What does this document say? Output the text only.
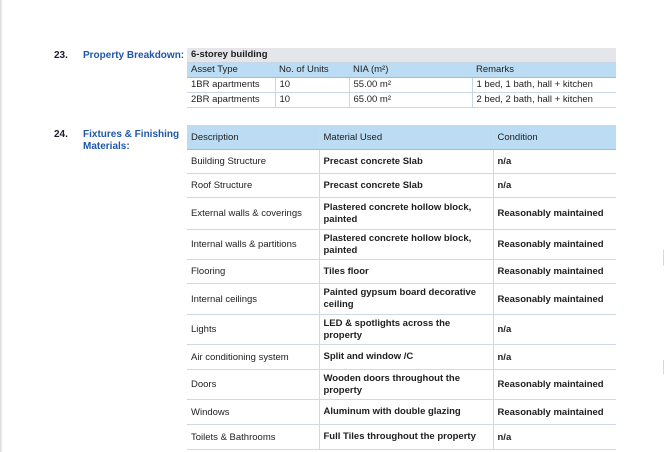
23. Property Breakdown: 6-storey building			
Asset Type	No. of Units	NIA (m²)	Remarks
1BR apartments	10	55.00 m²	1 bed, 1 bath, hall + kitchen
2BR apartments	10	65.00 m²	2 bed, 2 bath, hall + kitchen
24. Fixtures & Finishing
Materials:
Description	Material Used	Condition
Building Structure	Precast concrete Slab	n/a
Roof Structure	Precast concrete Slab	n/a
External walls & coverings	Plastered concrete hollow block, painted	Reasonably maintained
Internal walls & partitions	Plastered concrete hollow block, painted	Reasonably maintained
Flooring	Tiles floor	Reasonably maintained
Internal ceilings	Painted gypsum board decorative ceiling	Reasonably maintained
Lights	LED & spotlights across the property	n/a
Air conditioning system	Split and window /C	n/a
Doors	Wooden doors throughout the property	Reasonably maintained
Windows	Aluminum with double glazing	Reasonably maintained
Toilets & Bathrooms	Full Tiles throughout the property	n/a
